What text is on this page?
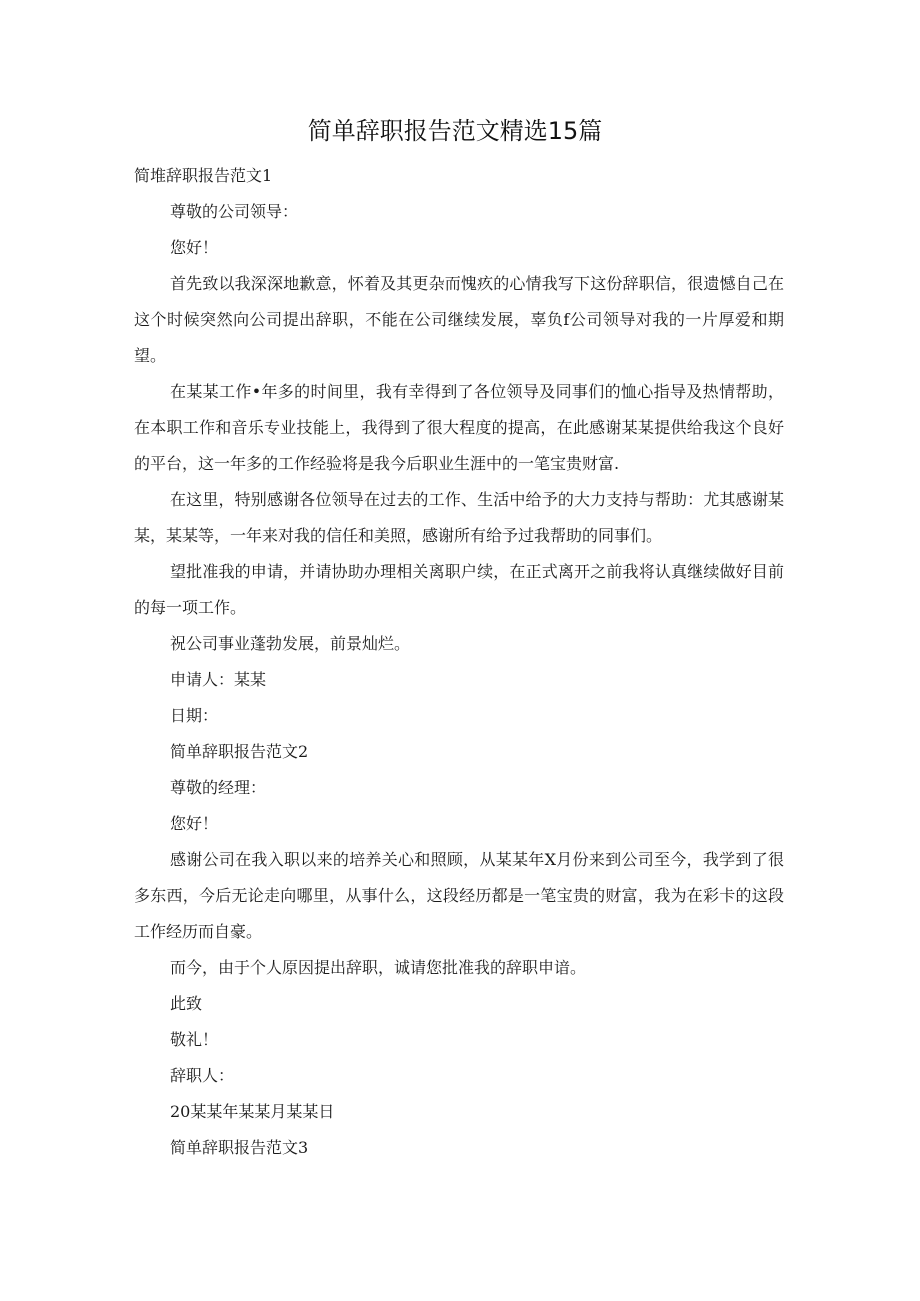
简单辞职报告范文精选15篇

简堆辞职报告范文1

尊敬的公司领导：

您好！

首先致以我深深地歉意，怀着及其更杂而愧疚的心情我写下这份辞职信，很遗憾自己在这个时候突然向公司提出辞职，不能在公司继续发展，辜负f公司领导对我的一片厚爱和期望。

在某某工作•年多的时间里，我有幸得到了各位领导及同事们的恤心指导及热情帮助，在本职工作和音乐专业技能上，我得到了很大程度的提高，在此感谢某某提供给我这个良好的平台，这一年多的工作经验将是我今后职业生涯中的一笔宝贵财富.

在这里，特别感谢各位领导在过去的工作、生活中给予的大力支持与帮助：尤其感谢某某，某某等，一年来对我的信任和美照，感谢所有给予过我帮助的同事们。

望批准我的申请，并请协助办理相关离职户续，在正式离开之前我将认真继续做好目前的每一项工作。

祝公司事业蓬勃发展，前景灿烂。

申请人：某某

日期：

简单辞职报告范文2

尊敬的经理：

您好！

感谢公司在我入职以来的培养关心和照顾，从某某年X月份来到公司至今，我学到了很多东西，今后无论走向哪里，从事什么，这段经历都是一笔宝贵的财富，我为在彩卡的这段工作经历而自豪。

而今，由于个人原因提出辞职，诚请您批准我的辞职申谙。

此致

敬礼！

辞职人：

20某某年某某月某某日

简单辞职报告范文3
